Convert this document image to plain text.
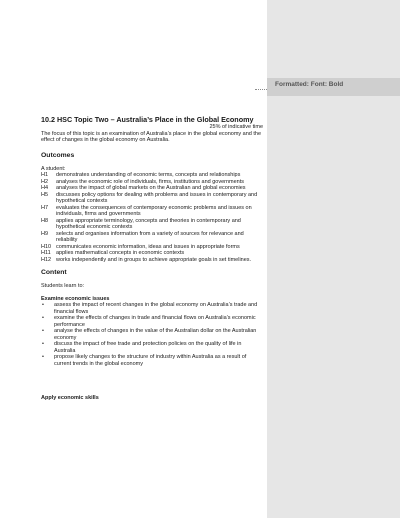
Formatted: Font: Bold

10.2 HSC Topic Two – Australia’s Place in the Global Economy

25% of indicative time

The focus of this topic is an examination of Australia’s place in the global economy and the effect of changes in the global economy on Australia.

Outcomes

A student:

H1	demonstrates understanding of economic terms, concepts and relationships
H2	analyses the economic role of individuals, firms, institutions and governments
H4	analyses the impact of global markets on the Australian and global economies
H5	discusses policy options for dealing with problems and issues in contemporary and hypothetical contexts
H7	evaluates the consequences of contemporary economic problems and issues on individuals, firms and governments
H8	applies appropriate terminology, concepts and theories in contemporary and hypothetical economic contexts
H9	selects and organises information from a variety of sources for relevance and reliability
H10 communicates economic information, ideas and issues in appropriate forms
H11 applies mathematical concepts in economic contexts
H12 works independently and in groups to achieve appropriate goals in set timelines.
Content

Students learn to:

Examine economic issues

•	assess the impact of recent changes in the global economy on Australia’s trade and financial flows
•	examine the effects of changes in trade and financial flows on Australia’s economic performance
•	analyse the effects of changes in the value of the Australian dollar on the Australian economy
•	discuss the impact of free trade and protection policies on the quality of life in Australia
•	propose likely changes to the structure of industry within Australia as a result of current trends in the global economy

Apply economic skills
